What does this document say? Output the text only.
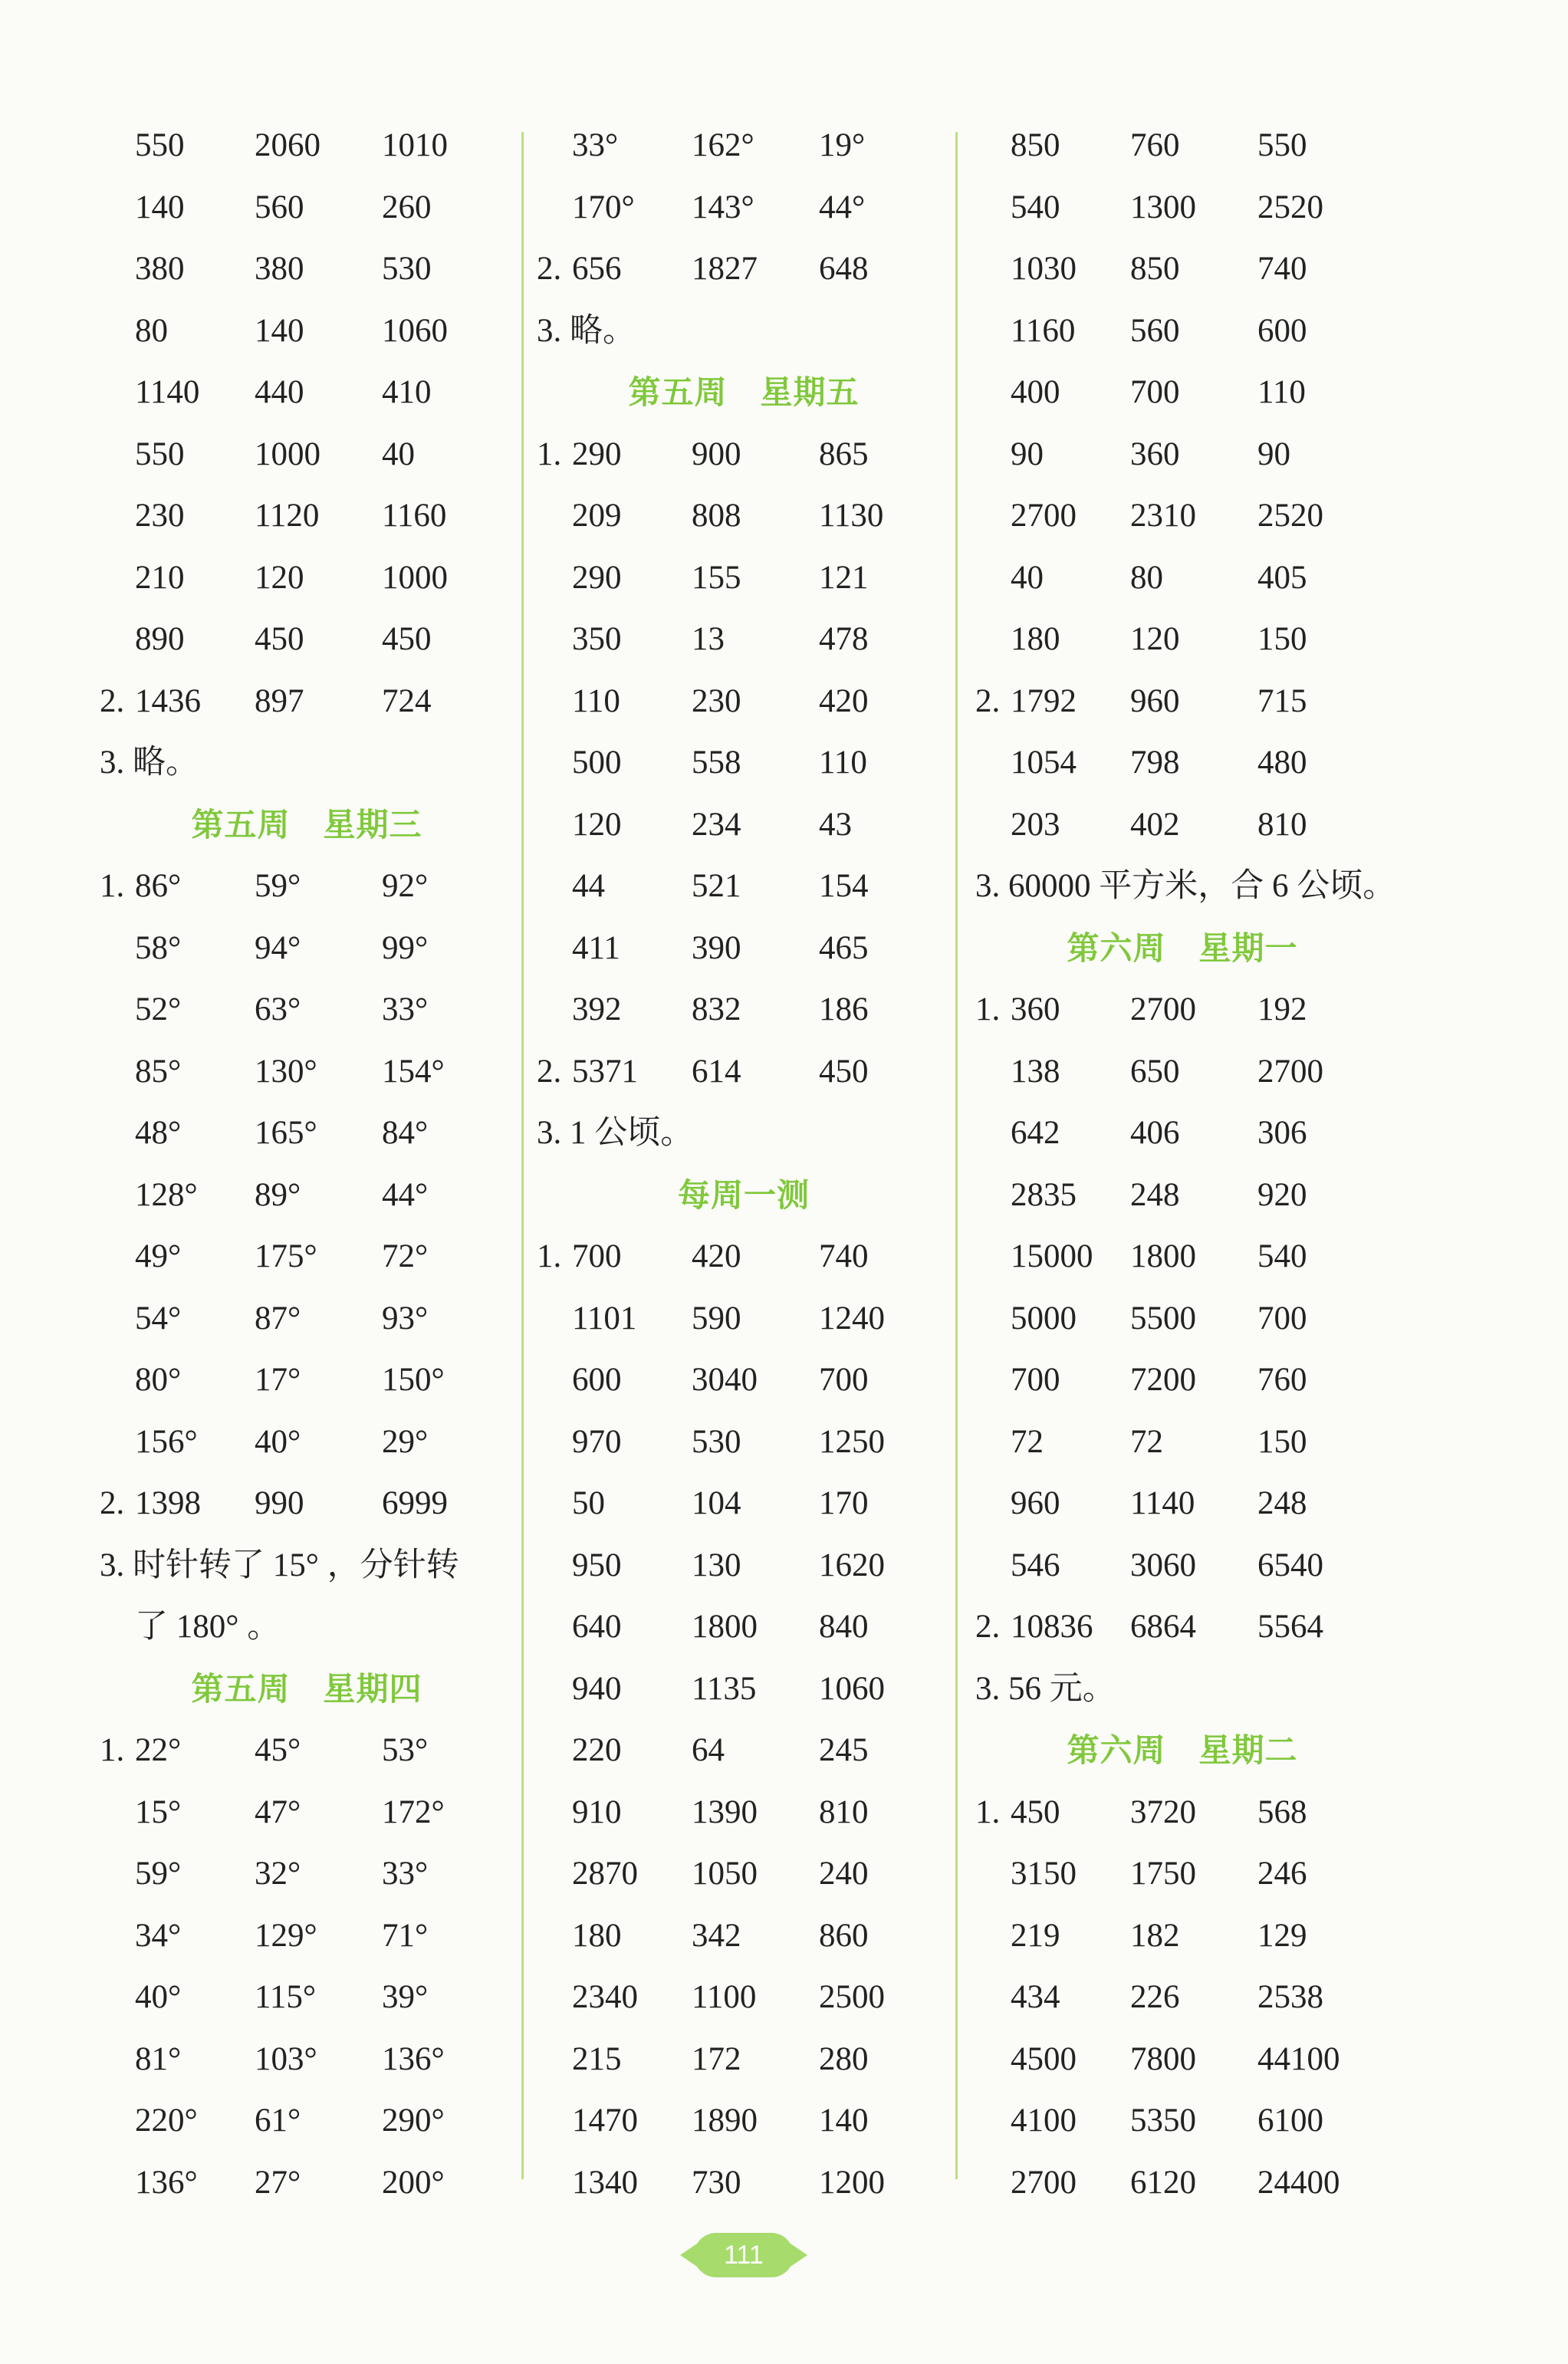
550 2060 1010
140 560 260
380 380 530
80	140 1060
1140 440 410
550 1000 40
230 1120 1160
210 120 1000
890 450 450
2. 1436 897 724
3. 略。
第五周　星期三
1. 86° 59° 92°
58° 94° 99°
52° 63° 33°
85° 130° 154°
48° 165° 84°
128° 89° 44°
49° 175° 72°
54° 87° 93°
80° 17° 150°
156° 40° 29°
2. 1398 990 6999
3. 时针转了 15° ，分针转
了 180° 。
第五周　星期四
1. 22° 45° 53°
15° 47° 172°
59° 32° 33°
34° 129° 71°
40° 115° 39°
81° 103° 136°
220° 61° 290°
136° 27° 200°
33° 162° 19°
170° 143° 44°
2. 656 1827 648
3. 略。
第五周　星期五
1. 290 900 865
209 808 1130
290 155 121
350 13	478
110 230 420
500 558 110
120 234 43
44	521 154
411 390 465
392 832 186
2. 5371 614 450
3. 1 公顷。
每周一测
1. 700 420 740
1101 590 1240
600 3040 700
970 530 1250
50	104 170
950 130 1620
640 1800 840
940 1135 1060
220 64	245
910 1390 810
2870 1050 240
180 342 860
2340 1100 2500
215 172 280
1470 1890 140
1340 730 1200
850 760 550
540 1300 2520
1030 850 740
1160 560 600
400 700 110
90	360 90
2700 2310 2520
40	80	405
180 120 150
2. 1792 960 715
1054 798 480
203 402 810
3. 60000 平方米，合 6 公顷。
第六周　星期一
1. 360 2700 192
138 650 2700
642 406 306
2835 248 920
15000 1800 540
5000 5500 700
700 7200 760
72	72	150
960 1140 248
546 3060 6540
2. 10836 6864 5564
3. 56 元。
第六周　星期二
1. 450 3720 568
3150 1750 246
219 182 129
434 226 2538
4500 7800 44100
4100 5350 6100
2700 6120 24400
111
